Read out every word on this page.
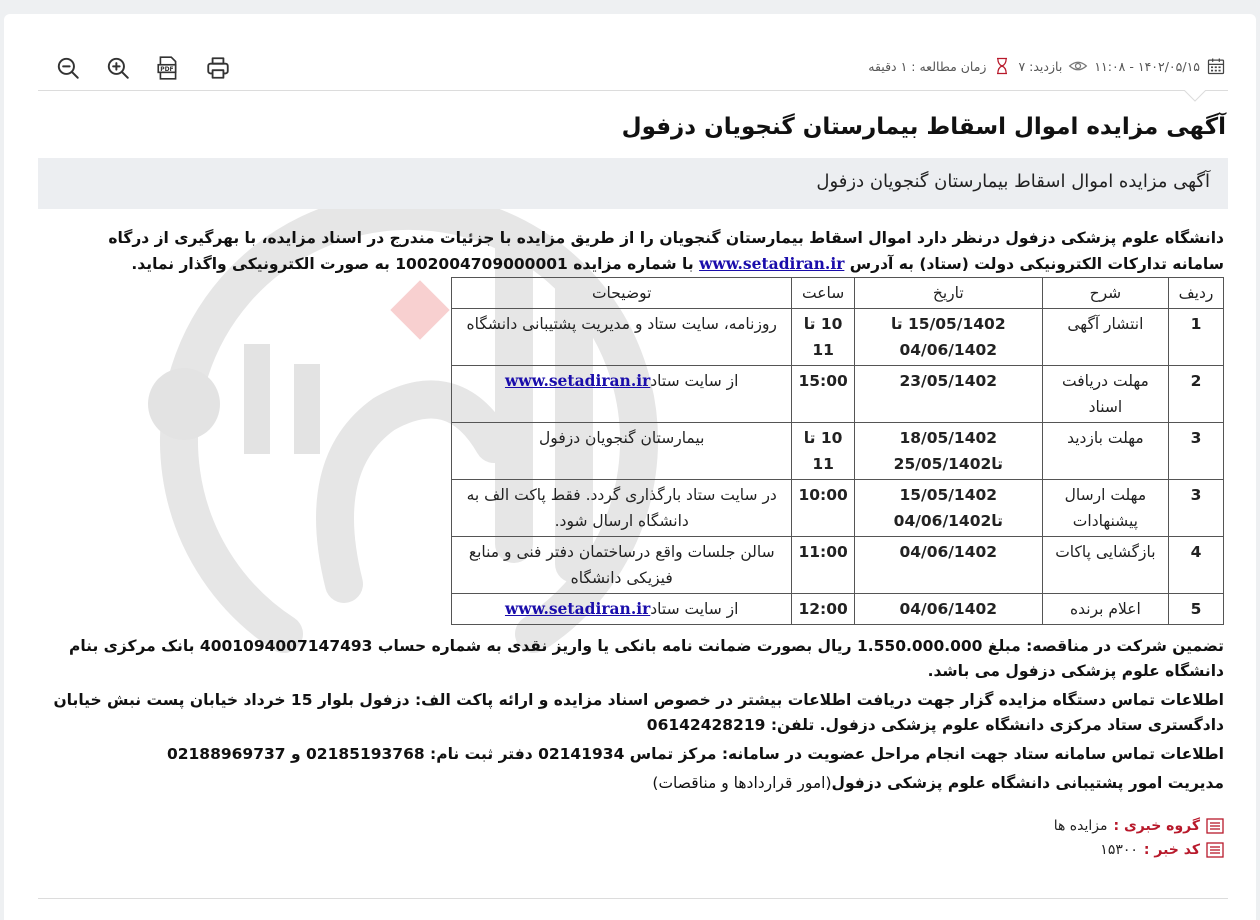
PDF	۱۴۰۲/۰۵/۱۵ - ۱۱:۰۸
بازدید: ۷
زمان مطالعه : ۱ دقیقه
آگهی مزایده اموال اسقاط بیمارستان گنجویان دزفول
آگهی مزایده اموال اسقاط بیمارستان گنجویان دزفول
دانشگاه علوم پزشکی دزفول درنظر دارد اموال اسقاط بیمارستان گنجویان را از طریق مزایده با جزئیات مندرج در اسناد مزایده، با بهرگیری از درگاه سامانه تدارکات الکترونیکی دولت (ستاد) به آدرس www.setadiran.ir با شماره مزایده 1002004709000001 به صورت الکترونیکی واگذار نماید.
ردیف	شرح	تاریخ	ساعت	توضیحات
1	انتشار آگهی	15/05/1402 تا 04/06/1402	10 تا 11	روزنامه، سایت ستاد و مدیریت پشتیبانی دانشگاه
2	مهلت دریافت اسناد	23/05/1402	15:00	از سایت ستادwww.setadiran.ir
3	مهلت بازدید	18/05/1402 تا25/05/1402	10 تا 11	بیمارستان گنجویان دزفول
3	مهلت ارسال پیشنهادات	15/05/1402 تا04/06/1402	10:00	در سایت ستاد بارگذاری گردد. فقط پاکت الف به دانشگاه ارسال شود.
4	بازگشایی پاکات	04/06/1402	11:00	سالن جلسات واقع درساختمان دفتر فنی و منابع فیزیکی دانشگاه
5	اعلام برنده	04/06/1402	12:00	از سایت ستادwww.setadiran.ir

تضمین شرکت در مناقصه: مبلغ 1.550.000.000 ریال بصورت ضمانت نامه بانکی یا واریز نقدی به شماره حساب 4001094007147493 بانک مرکزی بنام دانشگاه علوم پزشکی دزفول می باشد.

اطلاعات تماس دستگاه مزایده گزار جهت دریافت اطلاعات بیشتر در خصوص اسناد مزایده و ارائه پاکت الف: دزفول بلوار 15 خرداد خیابان پست نبش خیابان دادگستری ستاد مرکزی دانشگاه علوم پزشکی دزفول. تلفن: 06142428219

اطلاعات تماس سامانه ستاد جهت انجام مراحل عضویت در سامانه: مرکز تماس 02141934 دفتر ثبت نام: 02185193768 و 02188969737

مدیریت امور پشتیبانی دانشگاه علوم پزشکی دزفول(امور قراردادها و مناقصات)

گروه خبری :
مزایده ها
کد خبر :
۱۵۳۰۰
